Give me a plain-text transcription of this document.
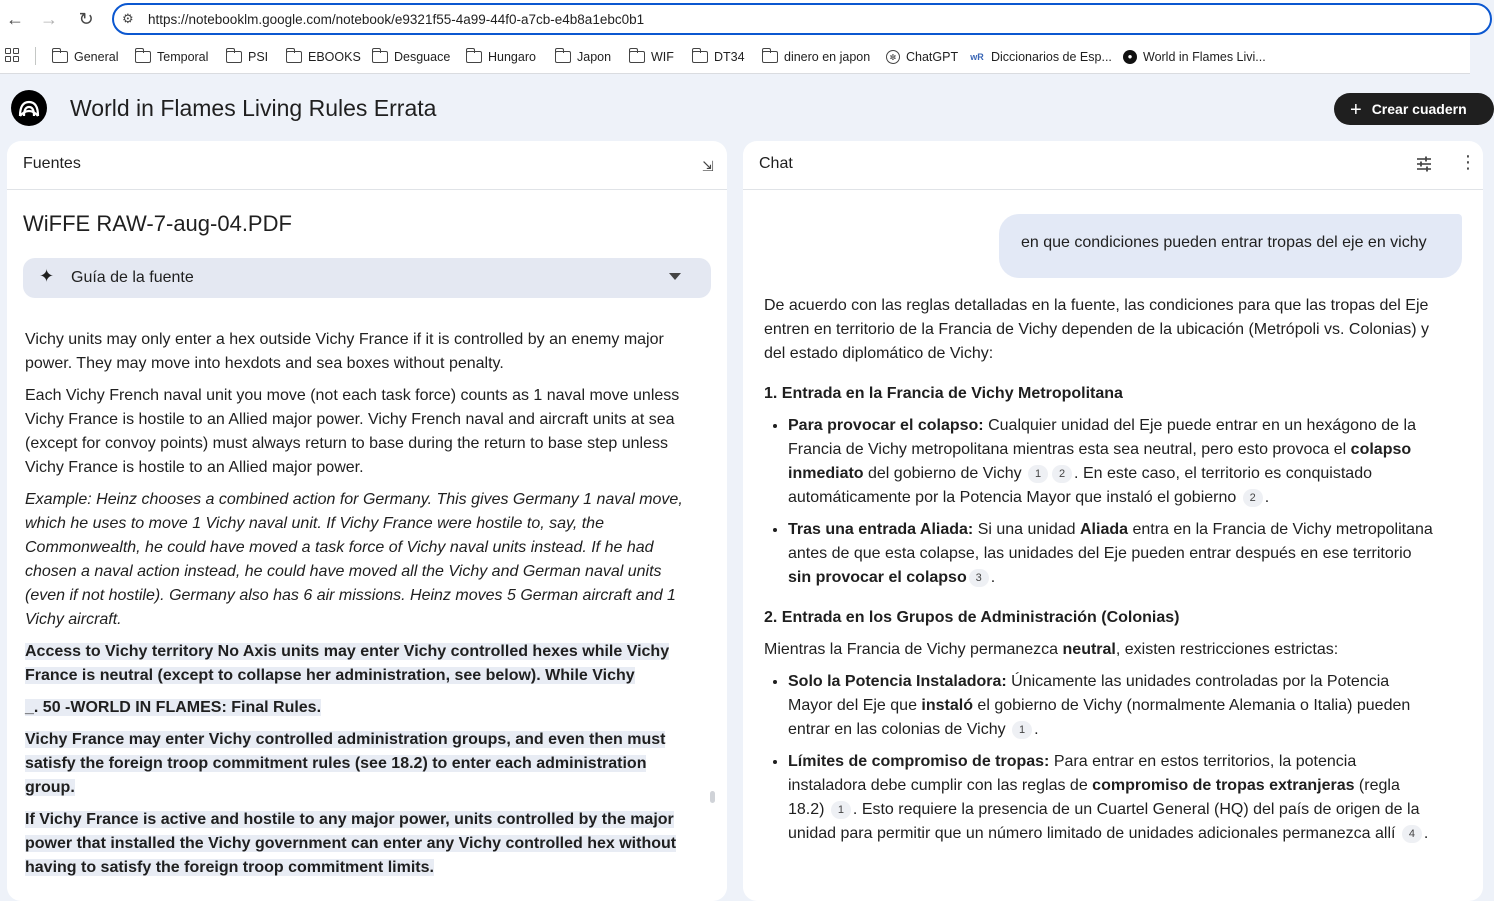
← → ↻ ⚙	https://notebooklm.google.com/notebook/e9321f55-4a99-44f0-a7cb-e4b8a1ebc0b1
General	Temporal	PSI	EBOOKS	Desguace	Hungaro	Japon	WIF	DT34	dinero en japon	✼ ChatGPT wR Diccionarios de Esp...	● World in Flames Livi...
World in Flames Living Rules Errata	+ Crear cuadern
Fuentes	⇲
WiFFE RAW-7-aug-04.PDF
✦ Guía de la fuente

Vichy units may only enter a hex outside Vichy France if it is controlled by an enemy major power. They may move into hexdots and sea boxes without penalty.

Each Vichy French naval unit you move (not each task force) counts as 1 naval move unless Vichy France is hostile to an Allied major power. Vichy French naval and aircraft units at sea (except for convoy points) must always return to base during the return to base step unless Vichy France is hostile to an Allied major power.

Example: Heinz chooses a combined action for Germany. This gives Germany 1 naval move, which he uses to move 1 Vichy naval unit. If Vichy France were hostile to, say, the Commonwealth, he could have moved a task force of Vichy naval units instead. If he had chosen a naval action instead, he could have moved all the Vichy and German naval units (even if not hostile). Germany also has 6 air missions. Heinz moves 5 German aircraft and 1 Vichy aircraft.

Access to Vichy territory No Axis units may enter Vichy controlled hexes while Vichy France is neutral (except to collapse her administration, see below). While Vichy

_. 50 -WORLD IN FLAMES: Final Rules.

Vichy France may enter Vichy controlled administration groups, and even then must satisfy the foreign troop commitment rules (see 18.2) to enter each administration group.

If Vichy France is active and hostile to any major power, units controlled by the major power that installed the Vichy government can enter any Vichy controlled hex without having to satisfy the foreign troop commitment limits.

Chat	⋮
en que condiciones pueden entrar tropas del eje en vichy

De acuerdo con las reglas detalladas en la fuente, las condiciones para que las tropas del Eje entren en territorio de la Francia de Vichy dependen de la ubicación (Metrópoli vs. Colonias) y del estado diplomático de Vichy:

1. Entrada en la Francia de Vichy Metropolitana
• Para provocar el colapso: Cualquier unidad del Eje puede entrar en un hexágono de la Francia de Vichy metropolitana mientras esta sea neutral, pero esto provoca el colapso inmediato del gobierno de Vichy 1 2 . En este caso, el territorio es conquistado automáticamente por la Potencia Mayor que instaló el gobierno 2 .
• Tras una entrada Aliada: Si una unidad Aliada entra en la Francia de Vichy metropolitana antes de que esta colapse, las unidades del Eje pueden entrar después en ese territorio sin provocar el colapso 3 .
2. Entrada en los Grupos de Administración (Colonias)

Mientras la Francia de Vichy permanezca neutral, existen restricciones estrictas:

• Solo la Potencia Instaladora: Únicamente las unidades controladas por la Potencia Mayor del Eje que instaló el gobierno de Vichy (normalmente Alemania o Italia) pueden entrar en las colonias de Vichy 1 .
• Límites de compromiso de tropas: Para entrar en estos territorios, la potencia instaladora debe cumplir con las reglas de compromiso de tropas extranjeras (regla 18.2) 1 . Esto requiere la presencia de un Cuartel General (HQ) del país de origen de la unidad para permitir que un número limitado de unidades adicionales permanezca allí 4 .
